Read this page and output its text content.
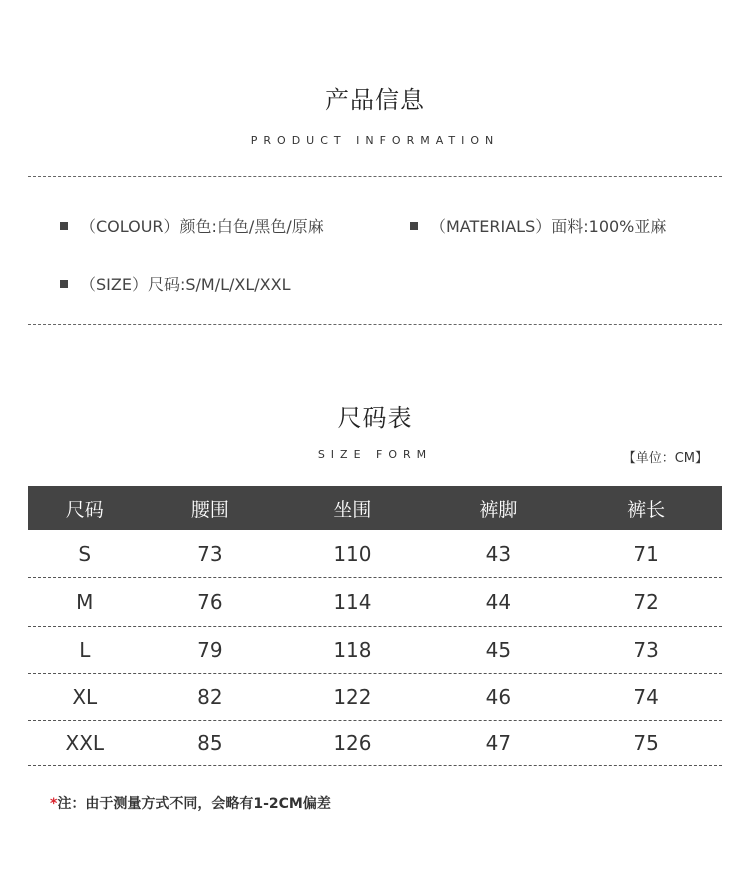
产品信息
PRODUCT INFORMATION
（COLOUR）颜色:白色/黑色/原麻	（MATERIALS）面料:100%亚麻
（SIZE）尺码:S/M/L/XL/XXL
尺码表
SIZE FORM	【单位：CM】
尺码	腰围	坐围	裤脚	裤长
S	73	110	43	71
M	76	114	44	72
L	79	118	45	73
XL	82	122	46	74
XXL	85	126	47	75
*注：由于测量方式不同，会略有1-2CM偏差
